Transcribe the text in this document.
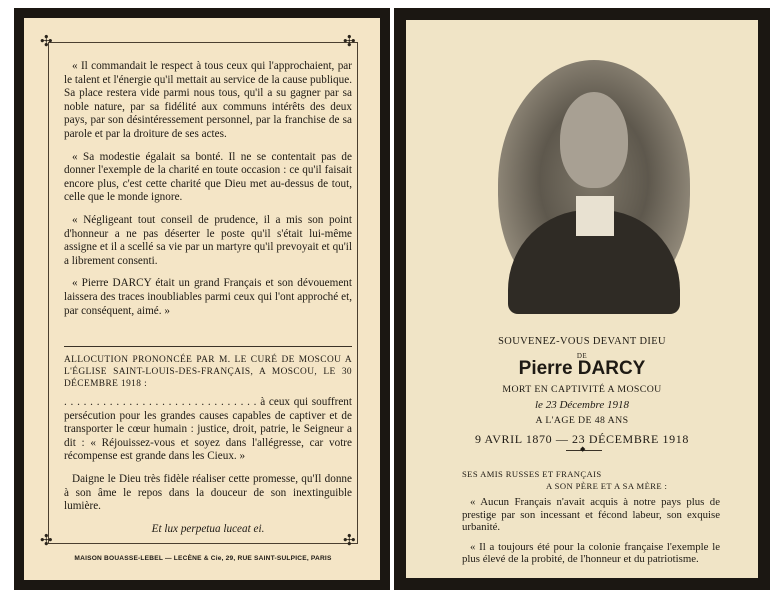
✣	✣
✣	✣

« Il commandait le respect à tous ceux qui l'approchaient, par le talent et l'énergie qu'il mettait au service de la cause publique. Sa place restera vide parmi nous tous, qu'il a su gagner par sa noble nature, par sa fidélité aux communs intérêts des deux pays, par son désintéressement personnel, par la franchise de sa parole et par la droiture de ses actes.

« Sa modestie égalait sa bonté. Il ne se contentait pas de donner l'exemple de la charité en toute occasion : ce qu'il faisait encore plus, c'est cette charité que Dieu met au-dessus de tout, celle que le monde ignore.

« Négligeant tout conseil de prudence, il a mis son point d'honneur a ne pas déserter le poste qu'il s'était lui-même assigne et il a scellé sa vie par un martyre qu'il prevoyait et qu'il a librement consenti.

« Pierre DARCY était un grand Français et son dévouement laissera des traces inoubliables parmi ceux qui l'ont approché et, par conséquent, aimé. »

ALLOCUTION PRONONCÉE PAR M. LE CURÉ DE MOSCOU A L'ÉGLISE SAINT-LOUIS-DES-FRANÇAIS, A MOSCOU, LE 30 DÉCEMBRE 1918 :

. . . . . . . . . . . . . . . . . . . . . . . . . . . . . . à ceux qui souffrent persécution pour les grandes causes capables de captiver et de transporter le cœur humain : justice, droit, patrie, le Seigneur a dit : « Réjouissez-vous et soyez dans l'allégresse, car votre récompense est grande dans les Cieux. »

Daigne le Dieu très fidèle réaliser cette promesse, qu'Il donne à son âme le repos dans la douceur de son inextinguible lumière.

Et lux perpetua luceat ei.

MAISON BOUASSE-LEBEL — LECÈNE & Cie, 29, RUE SAINT-SULPICE, PARIS
SOUVENEZ-VOUS DEVANT DIEU
DE
Pierre DARCY
MORT EN CAPTIVITÉ A MOSCOU
le 23 Décembre 1918
A L'AGE DE 48 ANS
9 AVRIL 1870 — 23 DÉCEMBRE 1918
◆
SES AMIS RUSSES ET FRANÇAIS
A SON PÈRE ET A SA MÈRE :

« Aucun Français n'avait acquis à notre pays plus de prestige par son incessant et fécond labeur, son exquise urbanité.

« Il a toujours été pour la colonie française l'exemple le plus élevé de la probité, de l'honneur et du patriotisme.
